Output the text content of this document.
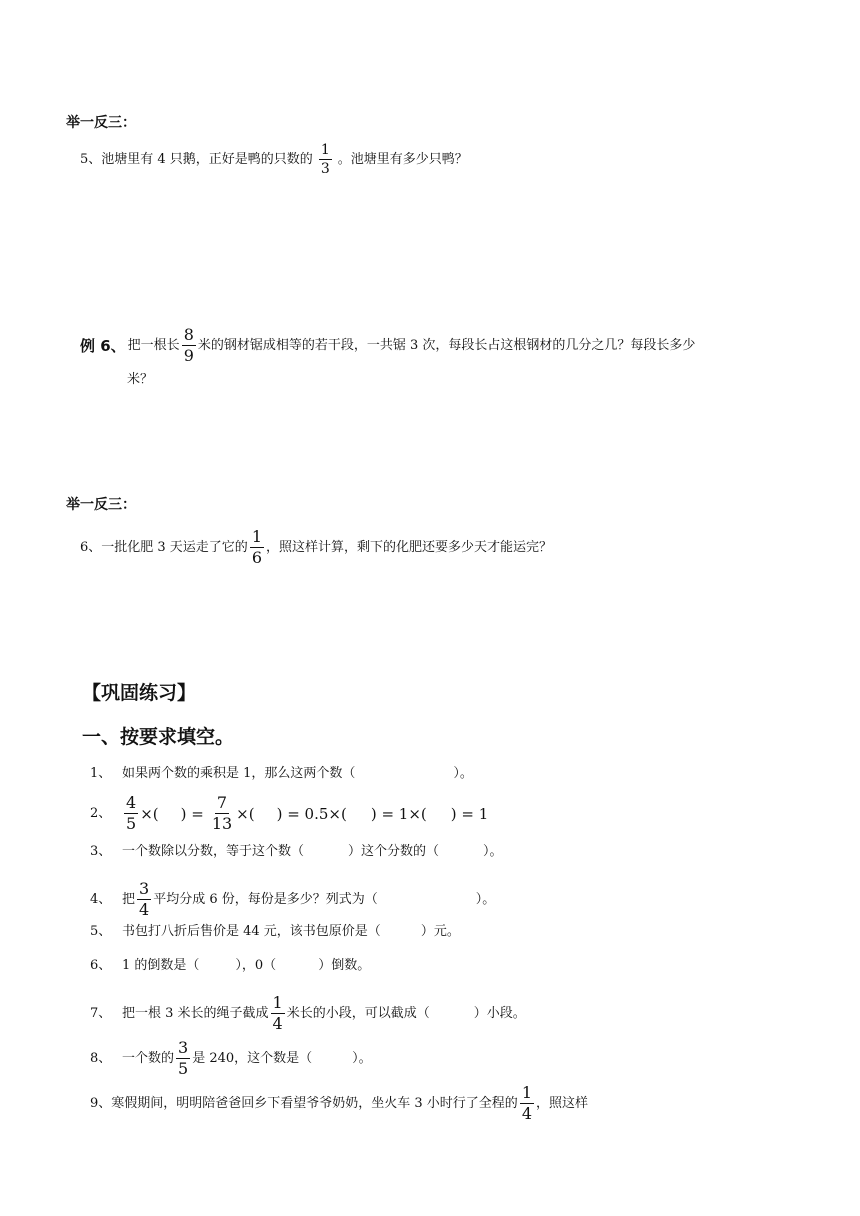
举一反三：
5、池塘里有 4 只鹅，正好是鸭的只数的 $\frac{1}{3}$ 。池塘里有多少只鸭？
例 6、 把一根长 $\frac{8}{9}$ 米的钢材锯成相等的若干段，一共锯 3 次，每段长占这根钢材的几分之几？每段长多少
米？
举一反三：
6、一批化肥 3 天运走了它的 $\frac{1}{6}$ ，照这样计算，剩下的化肥还要多少天才能运完？
【巩固练习】
一、按要求填空。
1、 如果两个数的乘积是 1，那么这两个数（	）。
2、 $\frac{4}{5}$ ×( ) = $\frac{7}{13}$ ×( ) = 0.5×( ) = 1×( ) = 1
3、 一个数除以分数，等于这个数（	）这个分数的（	）。
4、 把 $\frac{3}{4}$ 平均分成 6 份，每份是多少？列式为（	）。
5、 书包打八折后售价是 44 元，该书包原价是（	）元。
6、 1 的倒数是（	），0（	）倒数。
7、 把一根 3 米长的绳子截成 $\frac{1}{4}$ 米长的小段，可以截成（	）小段。
8、 一个数的 $\frac{3}{5}$ 是 240，这个数是（	）。
9、寒假期间，明明陪爸爸回乡下看望爷爷奶奶，坐火车 3 小时行了全程的 $\frac{1}{4}$ ，照这样
